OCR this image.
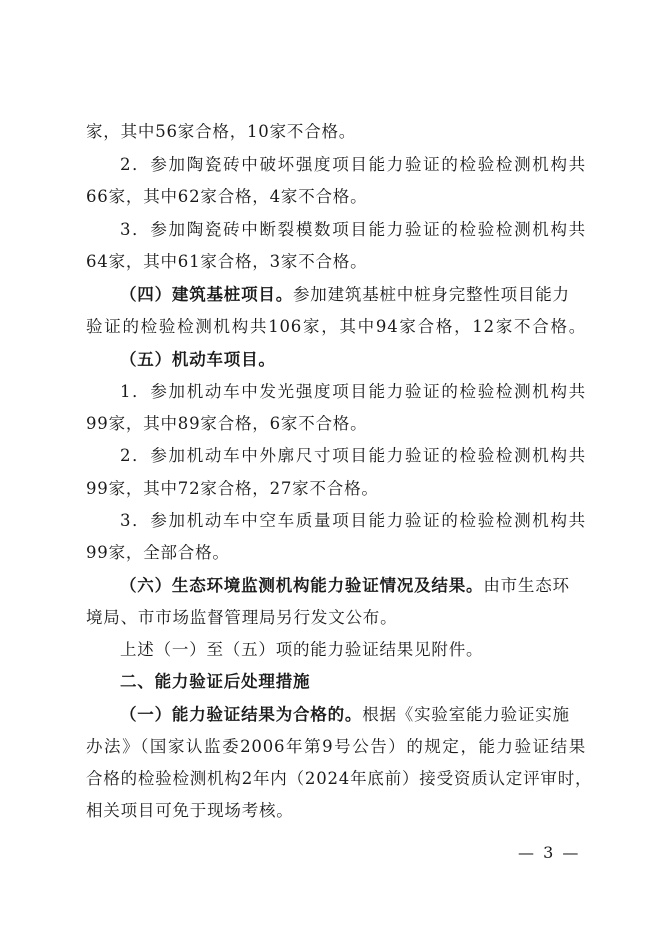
家，其中56家合格，10家不合格。
2．参加陶瓷砖中破坏强度项目能力验证的检验检测机构共
66家，其中62家合格，4家不合格。
3．参加陶瓷砖中断裂模数项目能力验证的检验检测机构共
64家，其中61家合格，3家不合格。
（四）建筑基桩项目。参加建筑基桩中桩身完整性项目能力
验证的检验检测机构共106家，其中94家合格，12家不合格。
（五）机动车项目。
1．参加机动车中发光强度项目能力验证的检验检测机构共
99家，其中89家合格，6家不合格。
2．参加机动车中外廓尺寸项目能力验证的检验检测机构共
99家，其中72家合格，27家不合格。
3．参加机动车中空车质量项目能力验证的检验检测机构共
99家，全部合格。
（六）生态环境监测机构能力验证情况及结果。由市生态环
境局、市市场监督管理局另行发文公布。
上述（一）至（五）项的能力验证结果见附件。
二、能力验证后处理措施
（一）能力验证结果为合格的。根据《实验室能力验证实施
办法》（国家认监委2006年第9号公告）的规定，能力验证结果
合格的检验检测机构2年内（2024年底前）接受资质认定评审时，
相关项目可免于现场考核。
— 3 —
